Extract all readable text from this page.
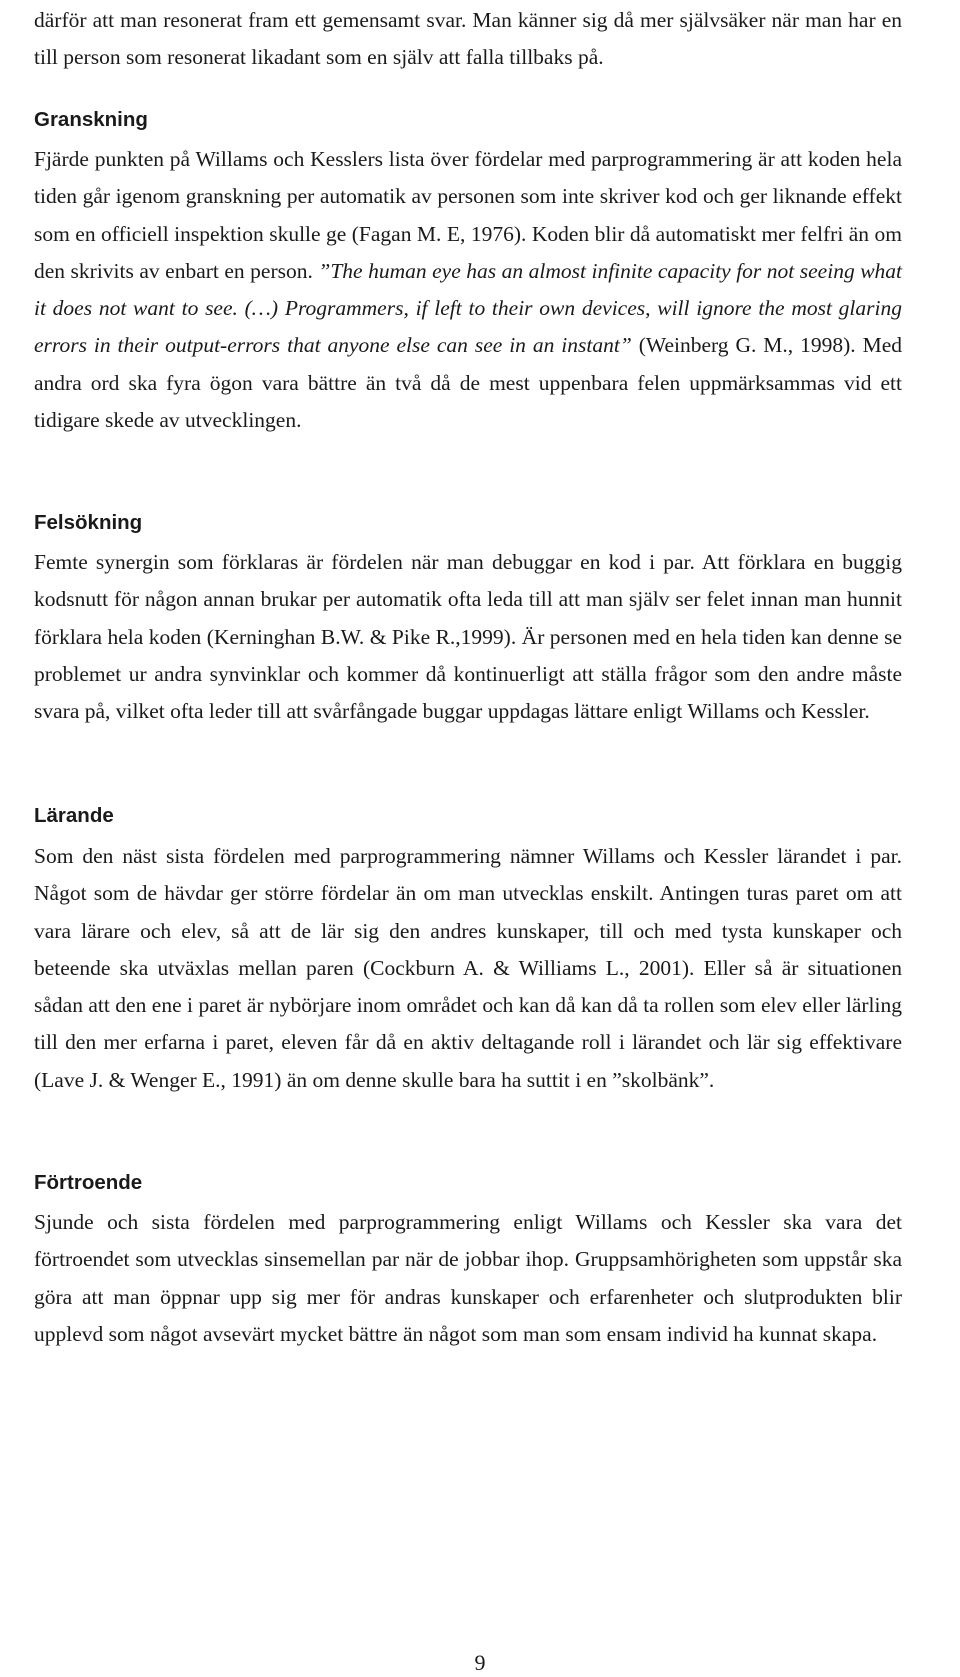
därför att man resonerat fram ett gemensamt svar. Man känner sig då mer självsäker när man har en till person som resonerat likadant som en själv att falla tillbaks på.

Granskning

Fjärde punkten på Willams och Kesslers lista över fördelar med parprogrammering är att koden hela tiden går igenom granskning per automatik av personen som inte skriver kod och ger liknande effekt som en officiell inspektion skulle ge (Fagan M. E, 1976). Koden blir då automatiskt mer felfri än om den skrivits av enbart en person. ”The human eye has an almost infinite capacity for not seeing what it does not want to see. (…) Programmers, if left to their own devices, will ignore the most glaring errors in their output-errors that anyone else can see in an instant” (Weinberg G. M., 1998). Med andra ord ska fyra ögon vara bättre än två då de mest uppenbara felen uppmärksammas vid ett tidigare skede av utvecklingen.

Felsökning

Femte synergin som förklaras är fördelen när man debuggar en kod i par. Att förklara en buggig kodsnutt för någon annan brukar per automatik ofta leda till att man själv ser felet innan man hunnit förklara hela koden (Kerninghan B.W. & Pike R.,1999). Är personen med en hela tiden kan denne se problemet ur andra synvinklar och kommer då kontinuerligt att ställa frågor som den andre måste svara på, vilket ofta leder till att svårfångade buggar uppdagas lättare enligt Willams och Kessler.

Lärande

Som den näst sista fördelen med parprogrammering nämner Willams och Kessler lärandet i par. Något som de hävdar ger större fördelar än om man utvecklas enskilt. Antingen turas paret om att vara lärare och elev, så att de lär sig den andres kunskaper, till och med tysta kunskaper och beteende ska utväxlas mellan paren (Cockburn A. & Williams L., 2001). Eller så är situationen sådan att den ene i paret är nybörjare inom området och kan då kan då ta rollen som elev eller lärling till den mer erfarna i paret, eleven får då en aktiv deltagande roll i lärandet och lär sig effektivare (Lave J. & Wenger E., 1991) än om denne skulle bara ha suttit i en ”skolbänk”.

Förtroende

Sjunde och sista fördelen med parprogrammering enligt Willams och Kessler ska vara det förtroendet som utvecklas sinsemellan par när de jobbar ihop. Gruppsamhörigheten som uppstår ska göra att man öppnar upp sig mer för andras kunskaper och erfarenheter och slutprodukten blir upplevd som något avsevärt mycket bättre än något som man som ensam individ ha kunnat skapa.

9
